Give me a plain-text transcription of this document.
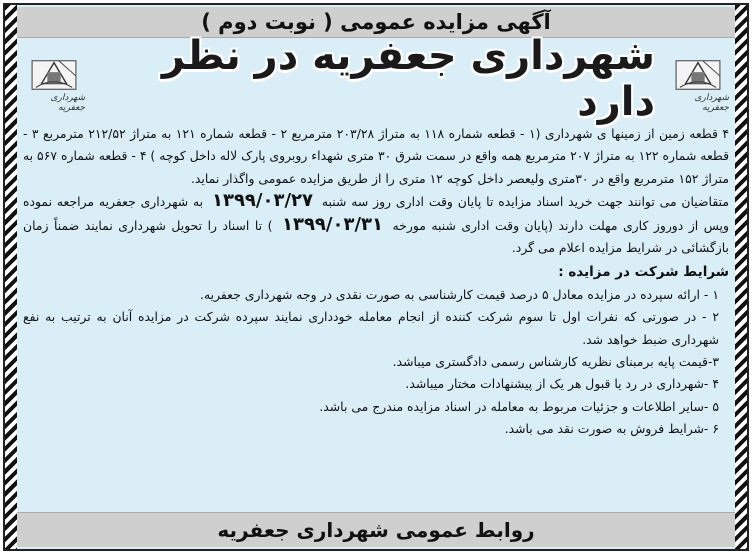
آگهی مزایده عمومی ( نوبت دوم )
شهرداری جعفریه
شهرداری جعفریه
شهرداری جعفریه در نظر دارد

۴ قطعه زمین از زمینها ی شهرداری (۱ - قطعه شماره ۱۱۸ به متراژ ۲۰۳/۲۸ مترمربع ۲ - قطعه شماره ۱۲۱ به متراژ ۲۱۲/۵۲ مترمربع ۳ - قطعه شماره ۱۲۲ به متراژ ۲۰۷ مترمربع همه واقع در سمت شرق ۳۰ متری شهداء روبروی پارک لاله داخل کوچه ) ۴ - قطعه شماره ۵۶۷ به متراژ ۱۵۲ مترمربع واقع در ۳۰متری ولیعصر داخل کوچه ۱۲ متری را از طریق مزایده عمومی واگذار نماید.

متقاضیان می توانند جهت خرید اسناد مزایده تا پایان وقت اداری روز سه شنبه ۱۳۹۹/۰۳/۲۷ به شهرداری جعفریه مراجعه نموده وپس از دوروز کاری مهلت دارند (پایان وقت اداری شنبه مورخه ۱۳۹۹/۰۳/۳۱ ) تا اسناد را تحویل شهرداری نمایند ضمناً زمان بازگشائی در شرایط مزایده اعلام می گرد.

شرایط شرکت در مزایده :

۱ - ارائه سپرده در مزایده معادل ۵ درصد قیمت کارشناسی به صورت نقدی در وجه شهرداری جعفریه.

۲ - در صورتی که نفرات اول تا سوم شرکت کننده از انجام معامله خودداری نمایند سپرده شرکت در مزایده آنان به ترتیب به نفع شهرداری ضبط خواهد شد.

۳-قیمت پایه برمبنای نظریه کارشناس رسمی دادگستری میباشد.

۴ -شهرداری در رد یا قبول هر یک از پیشنهادات مختار میباشد.

۵ -سایر اطلاعات و جزئیات مربوط به معامله در اسناد مزایده مندرج می باشد.

۶ -شرایط فروش به صورت نقد می باشد.

روابط عمومی شهرداری جعفریه
